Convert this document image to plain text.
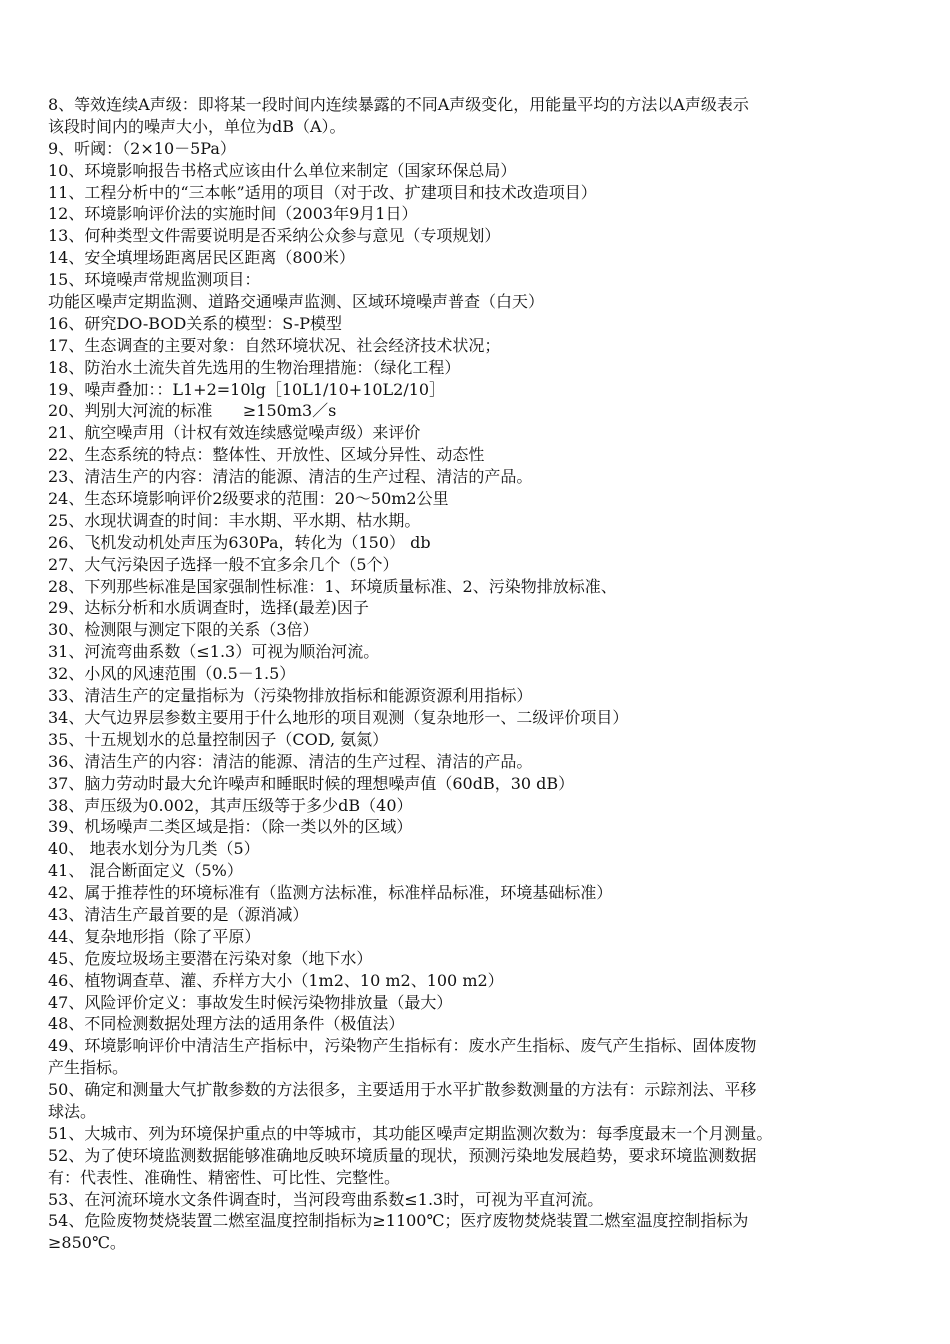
8、等效连续A声级：即将某一段时间内连续暴露的不同A声级变化，用能量平均的方法以A声级表示
该段时间内的噪声大小，单位为dB（A）。
9、听阈：（2×10－5Pa）
10、环境影响报告书格式应该由什么单位来制定（国家环保总局）
11、工程分析中的“三本帐”适用的项目（对于改、扩建项目和技术改造项目）
12、环境影响评价法的实施时间（2003年9月1日）
13、何种类型文件需要说明是否采纳公众参与意见（专项规划）
14、安全填埋场距离居民区距离（800米）
15、环境噪声常规监测项目：
功能区噪声定期监测、道路交通噪声监测、区域环境噪声普查（白天）
16、研究DO-BOD关系的模型：S-P模型
17、生态调查的主要对象：自然环境状况、社会经济技术状况；
18、防治水土流失首先选用的生物治理措施：（绿化工程）
19、噪声叠加：：L1+2=10lg［10L1/10+10L2/10］
20、判别大河流的标准      ≥150m3／s
21、航空噪声用（计权有效连续感觉噪声级）来评价
22、生态系统的特点：整体性、开放性、区域分异性、动态性
23、清洁生产的内容：清洁的能源、清洁的生产过程、清洁的产品。
24、生态环境影响评价2级要求的范围：20～50m2公里
25、水现状调查的时间：丰水期、平水期、枯水期。
26、飞机发动机处声压为630Pa，转化为（150） db
27、大气污染因子选择一般不宜多余几个（5个）
28、下列那些标准是国家强制性标准：1、环境质量标准、2、污染物排放标准、
29、达标分析和水质调查时，选择(最差)因子
30、检测限与测定下限的关系（3倍）
31、河流弯曲系数（≤1.3）可视为顺治河流。
32、小风的风速范围（0.5－1.5）
33、清洁生产的定量指标为（污染物排放指标和能源资源利用指标）
34、大气边界层参数主要用于什么地形的项目观测（复杂地形一、二级评价项目）
35、十五规划水的总量控制因子（COD, 氨氮）
36、清洁生产的内容：清洁的能源、清洁的生产过程、清洁的产品。
37、脑力劳动时最大允许噪声和睡眠时候的理想噪声值（60dB，30 dB）
38、声压级为0.002，其声压级等于多少dB（40）
39、机场噪声二类区域是指：（除一类以外的区域）
40、 地表水划分为几类（5）
41、 混合断面定义（5%）
42、属于推荐性的环境标准有（监测方法标准，标准样品标准，环境基础标准）
43、清洁生产最首要的是（源消减）
44、复杂地形指（除了平原）
45、危废垃圾场主要潜在污染对象（地下水）
46、植物调查草、灌、乔样方大小（1m2、10 m2、100 m2）
47、风险评价定义：事故发生时候污染物排放量（最大）
48、不同检测数据处理方法的适用条件（极值法）
49、环境影响评价中清洁生产指标中，污染物产生指标有：废水产生指标、废气产生指标、固体废物
产生指标。
50、确定和测量大气扩散参数的方法很多，主要适用于水平扩散参数测量的方法有：示踪剂法、平移
球法。
51、大城市、列为环境保护重点的中等城市，其功能区噪声定期监测次数为：每季度最末一个月测量。
52、为了使环境监测数据能够准确地反映环境质量的现状，预测污染地发展趋势，要求环境监测数据
有：代表性、准确性、精密性、可比性、完整性。
53、在河流环境水文条件调查时，当河段弯曲系数≤1.3时，可视为平直河流。
54、危险废物焚烧装置二燃室温度控制指标为≥1100℃；医疗废物焚烧装置二燃室温度控制指标为
≥850℃。
